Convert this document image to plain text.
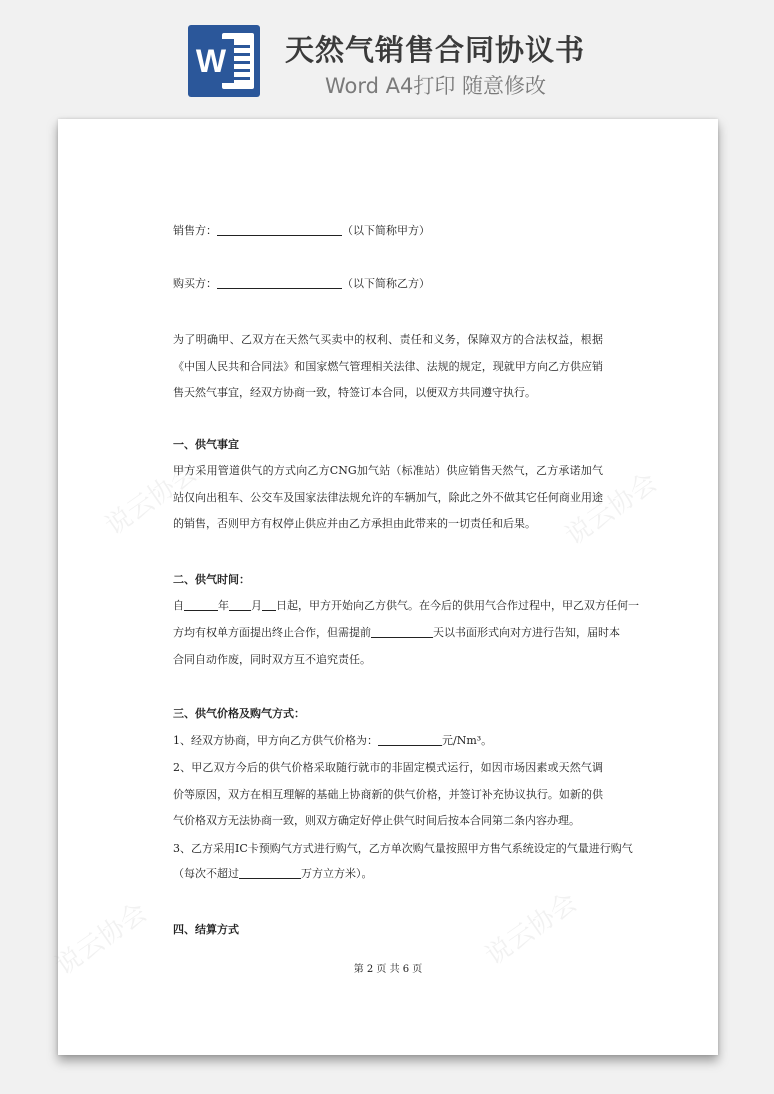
W 天然气销售合同协议书
Word A4打印 随意修改
说云协会	说云协会
说云协会	说云协会
销售方：	（以下简称甲方）
购买方：	（以下简称乙方）
为了明确甲、乙双方在天然气买卖中的权利、责任和义务，保障双方的合法权益，根据《中国人民共和合同法》和国家燃气管理相关法律、法规的规定，现就甲方向乙方供应销售天然气事宜，经双方协商一致，特签订本合同，以便双方共同遵守执行。
一、供气事宜
甲方采用管道供气的方式向乙方CNG加气站（标准站）供应销售天然气，乙方承诺加气站仅向出租车、公交车及国家法律法规允许的车辆加气，除此之外不做其它任何商业用途的销售，否则甲方有权停止供应并由乙方承担由此带来的一切责任和后果。
二、供气时间：
自	年 月 日起，甲方开始向乙方供气。在今后的供用气合作过程中，甲乙双方任何一
方均有权单方面提出终止合作，但需提前	天以书面形式向对方进行告知，届时本
合同自动作废，同时双方互不追究责任。
三、供气价格及购气方式：
1、经双方协商，甲方向乙方供气价格为：	元/Nm³。
2、甲乙双方今后的供气价格采取随行就市的非固定模式运行，如因市场因素或天然气调价等原因，双方在相互理解的基础上协商新的供气价格，并签订补充协议执行。如新的供气价格双方无法协商一致，则双方确定好停止供气时间后按本合同第二条内容办理。
3、乙方采用IC卡预购气方式进行购气，乙方单次购气量按照甲方售气系统设定的气量进行购气
（每次不超过	万方立方米）。
四、结算方式
第 2 页 共 6 页
